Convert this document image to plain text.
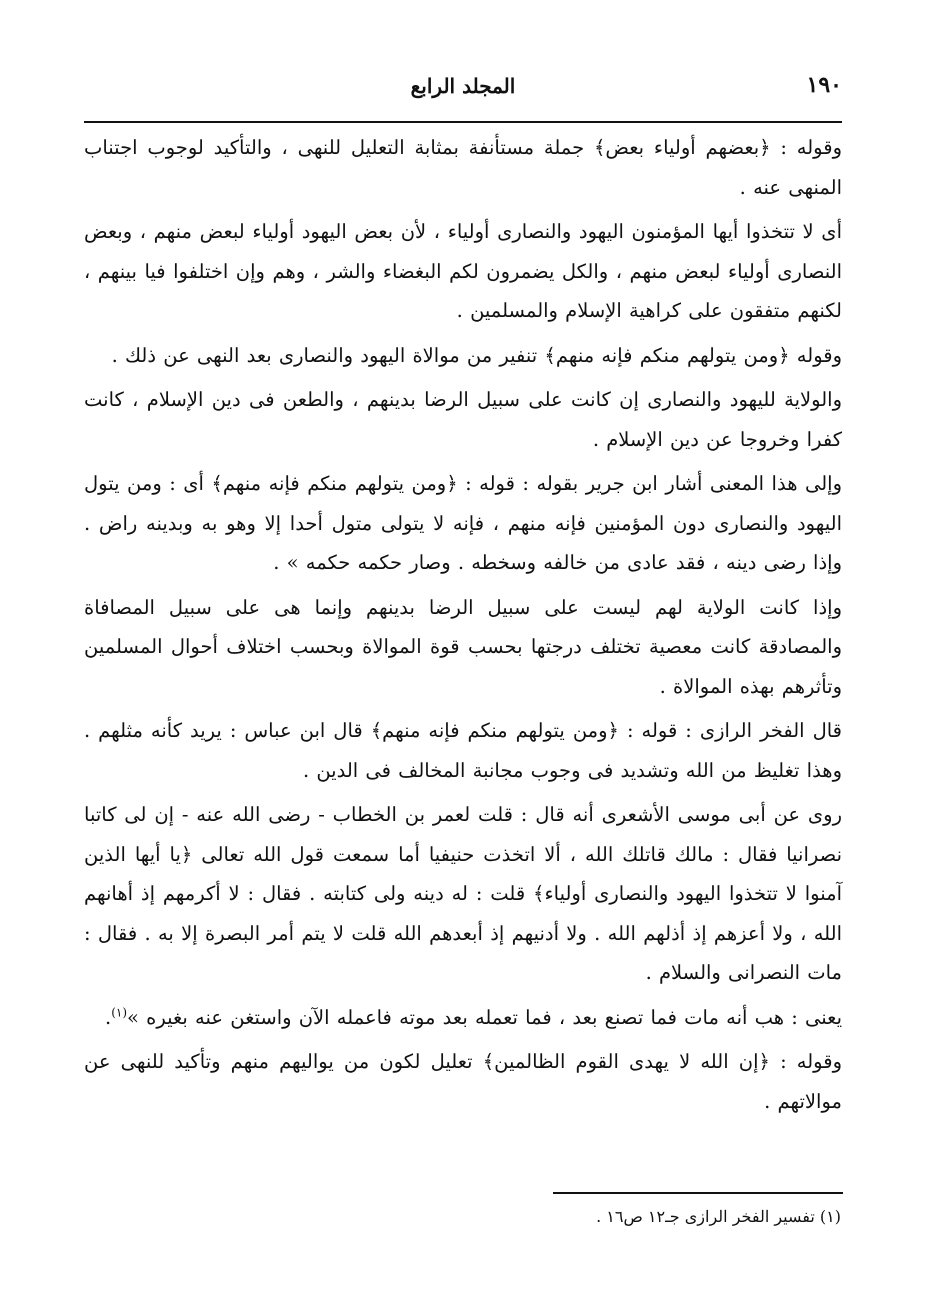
١٩٠
المجلد الرابع

وقوله : ﴿بعضهم أولياء بعض﴾ جملة مستأنفة بمثابة التعليل للنهى ، والتأكيد لوجوب اجتناب المنهى عنه .

أى لا تتخذوا أيها المؤمنون اليهود والنصارى أولياء ، لأن بعض اليهود أولياء لبعض منهم ، وبعض النصارى أولياء لبعض منهم ، والكل يضمرون لكم البغضاء والشر ، وهم وإن اختلفوا فيا بينهم ، لكنهم متفقون على كراهية الإسلام والمسلمين .

وقوله ﴿ومن يتولهم منكم فإنه منهم﴾ تنفير من موالاة اليهود والنصارى بعد النهى عن ذلك .

والولاية لليهود والنصارى إن كانت على سبيل الرضا بدينهم ، والطعن فى دين الإسلام ، كانت كفرا وخروجا عن دين الإسلام .

وإلى هذا المعنى أشار ابن جرير بقوله : قوله : ﴿ومن يتولهم منكم فإنه منهم﴾ أى : ومن يتول اليهود والنصارى دون المؤمنين فإنه منهم ، فإنه لا يتولى متول أحدا إلا وهو به وبدينه راض . وإذا رضى دينه ، فقد عادى من خالفه وسخطه . وصار حكمه حكمه » .

وإذا كانت الولاية لهم ليست على سبيل الرضا بدينهم وإنما هى على سبيل المصافاة والمصادقة كانت معصية تختلف درجتها بحسب قوة الموالاة وبحسب اختلاف أحوال المسلمين وتأثرهم بهذه الموالاة .

قال الفخر الرازى : قوله : ﴿ومن يتولهم منكم فإنه منهم﴾ قال ابن عباس : يريد كأنه مثلهم . وهذا تغليظ من الله وتشديد فى وجوب مجانبة المخالف فى الدين .

روى عن أبى موسى الأشعرى أنه قال : قلت لعمر بن الخطاب - رضى الله عنه - إن لى كاتبا نصرانيا فقال : مالك قاتلك الله ، ألا اتخذت حنيفيا أما سمعت قول الله تعالى ﴿يا أيها الذين آمنوا لا تتخذوا اليهود والنصارى أولياء﴾ قلت : له دينه ولى كتابته . فقال : لا أكرمهم إذ أهانهم الله ، ولا أعزهم إذ أذلهم الله . ولا أدنيهم إذ أبعدهم الله قلت لا يتم أمر البصرة إلا به . فقال : مات النصرانى والسلام .

يعنى : هب أنه مات فما تصنع بعد ، فما تعمله بعد موته فاعمله الآن واستغن عنه بغيره »$^{(١)}$.

وقوله : ﴿إن الله لا يهدى القوم الظالمين﴾ تعليل لكون من يواليهم منهم وتأكيد للنهى عن موالاتهم .

(١) تفسير الفخر الرازى جـ١٢ ص١٦ .
